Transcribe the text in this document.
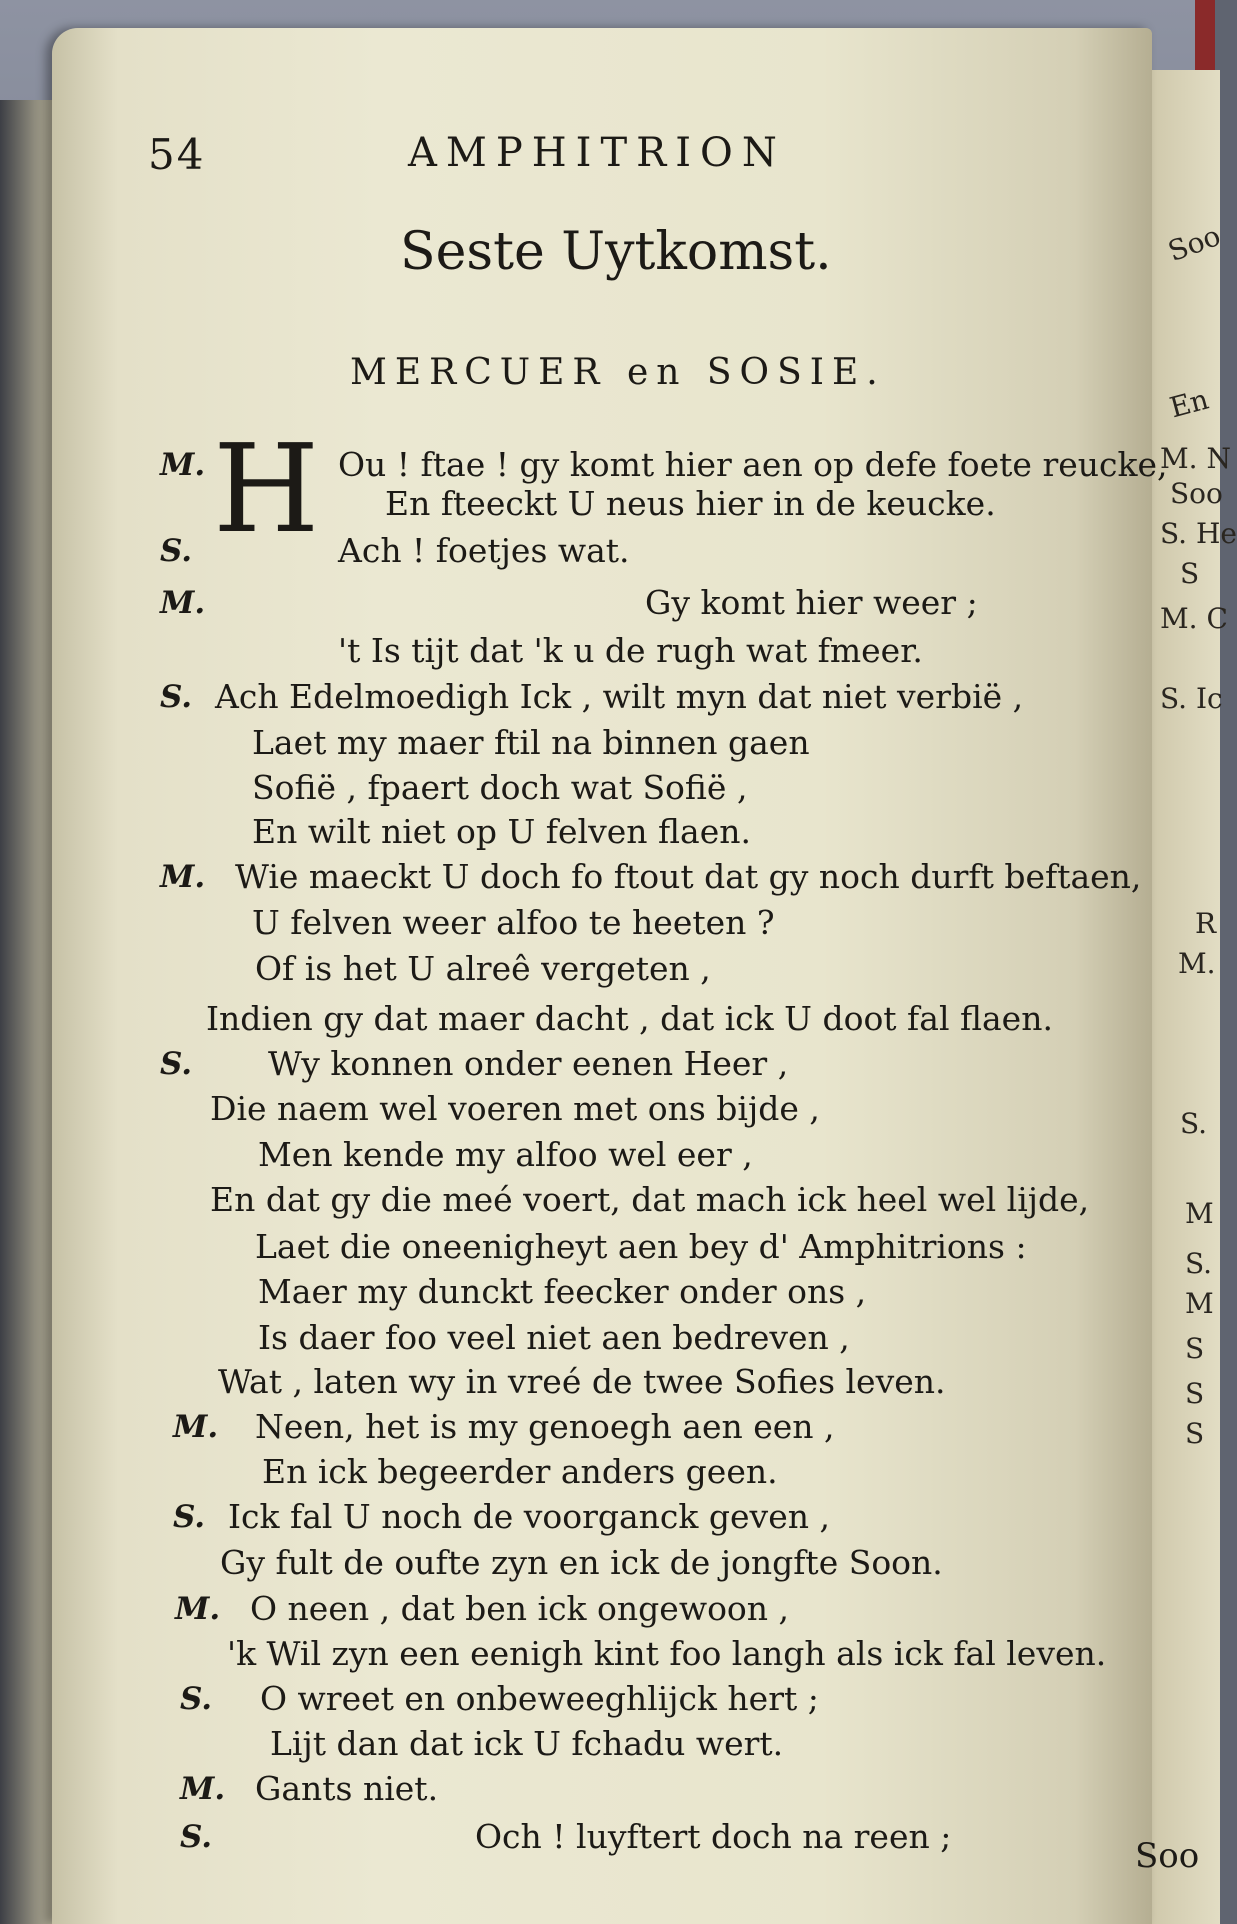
Soo
En
M. N
Soo
S. He
S
M. C
S. Ic
R
M.
S.
M
S.
M
S
S
S
54	AMPHITRION
Seste Uytkomst.
MERCUER en SOSIE.
H
M.	Ou ! ftae ! gy komt hier aen op defe foete reucke,
En fteeckt U neus hier in de keucke.
S.	Ach ! foetjes wat.
M.	Gy komt hier weer ;
't Is tijt dat 'k u de rugh wat fmeer.
S. Ach Edelmoedigh Ick , wilt myn dat niet verbië ,
Laet my maer ftil na binnen gaen
Sofië , fpaert doch wat Sofië ,
En wilt niet op U felven flaen.
M. Wie maeckt U doch fo ftout dat gy noch durft beftaen,
U felven weer alfoo te heeten ?
Of is het U alreê vergeten ,
Indien gy dat maer dacht , dat ick U doot fal flaen.
S. Wy konnen onder eenen Heer ,
Die naem wel voeren met ons bijde ,
Men kende my alfoo wel eer ,
En dat gy die meé voert, dat mach ick heel wel lijde,
Laet die oneenigheyt aen bey d' Amphitrions :
Maer my dunckt feecker onder ons ,
Is daer foo veel niet aen bedreven ,
Wat , laten wy in vreé de twee Sofies leven.
M. Neen, het is my genoegh aen een ,
En ick begeerder anders geen.
S. Ick fal U noch de voorganck geven ,
Gy fult de oufte zyn en ick de jongfte Soon.
M. O neen , dat ben ick ongewoon ,
'k Wil zyn een eenigh kint foo langh als ick fal leven.
S. O wreet en onbeweeghlijck hert ;
Lijt dan dat ick U fchadu wert.
M. Gants niet.
S.	Och ! luyftert doch na reen ;	Soo
